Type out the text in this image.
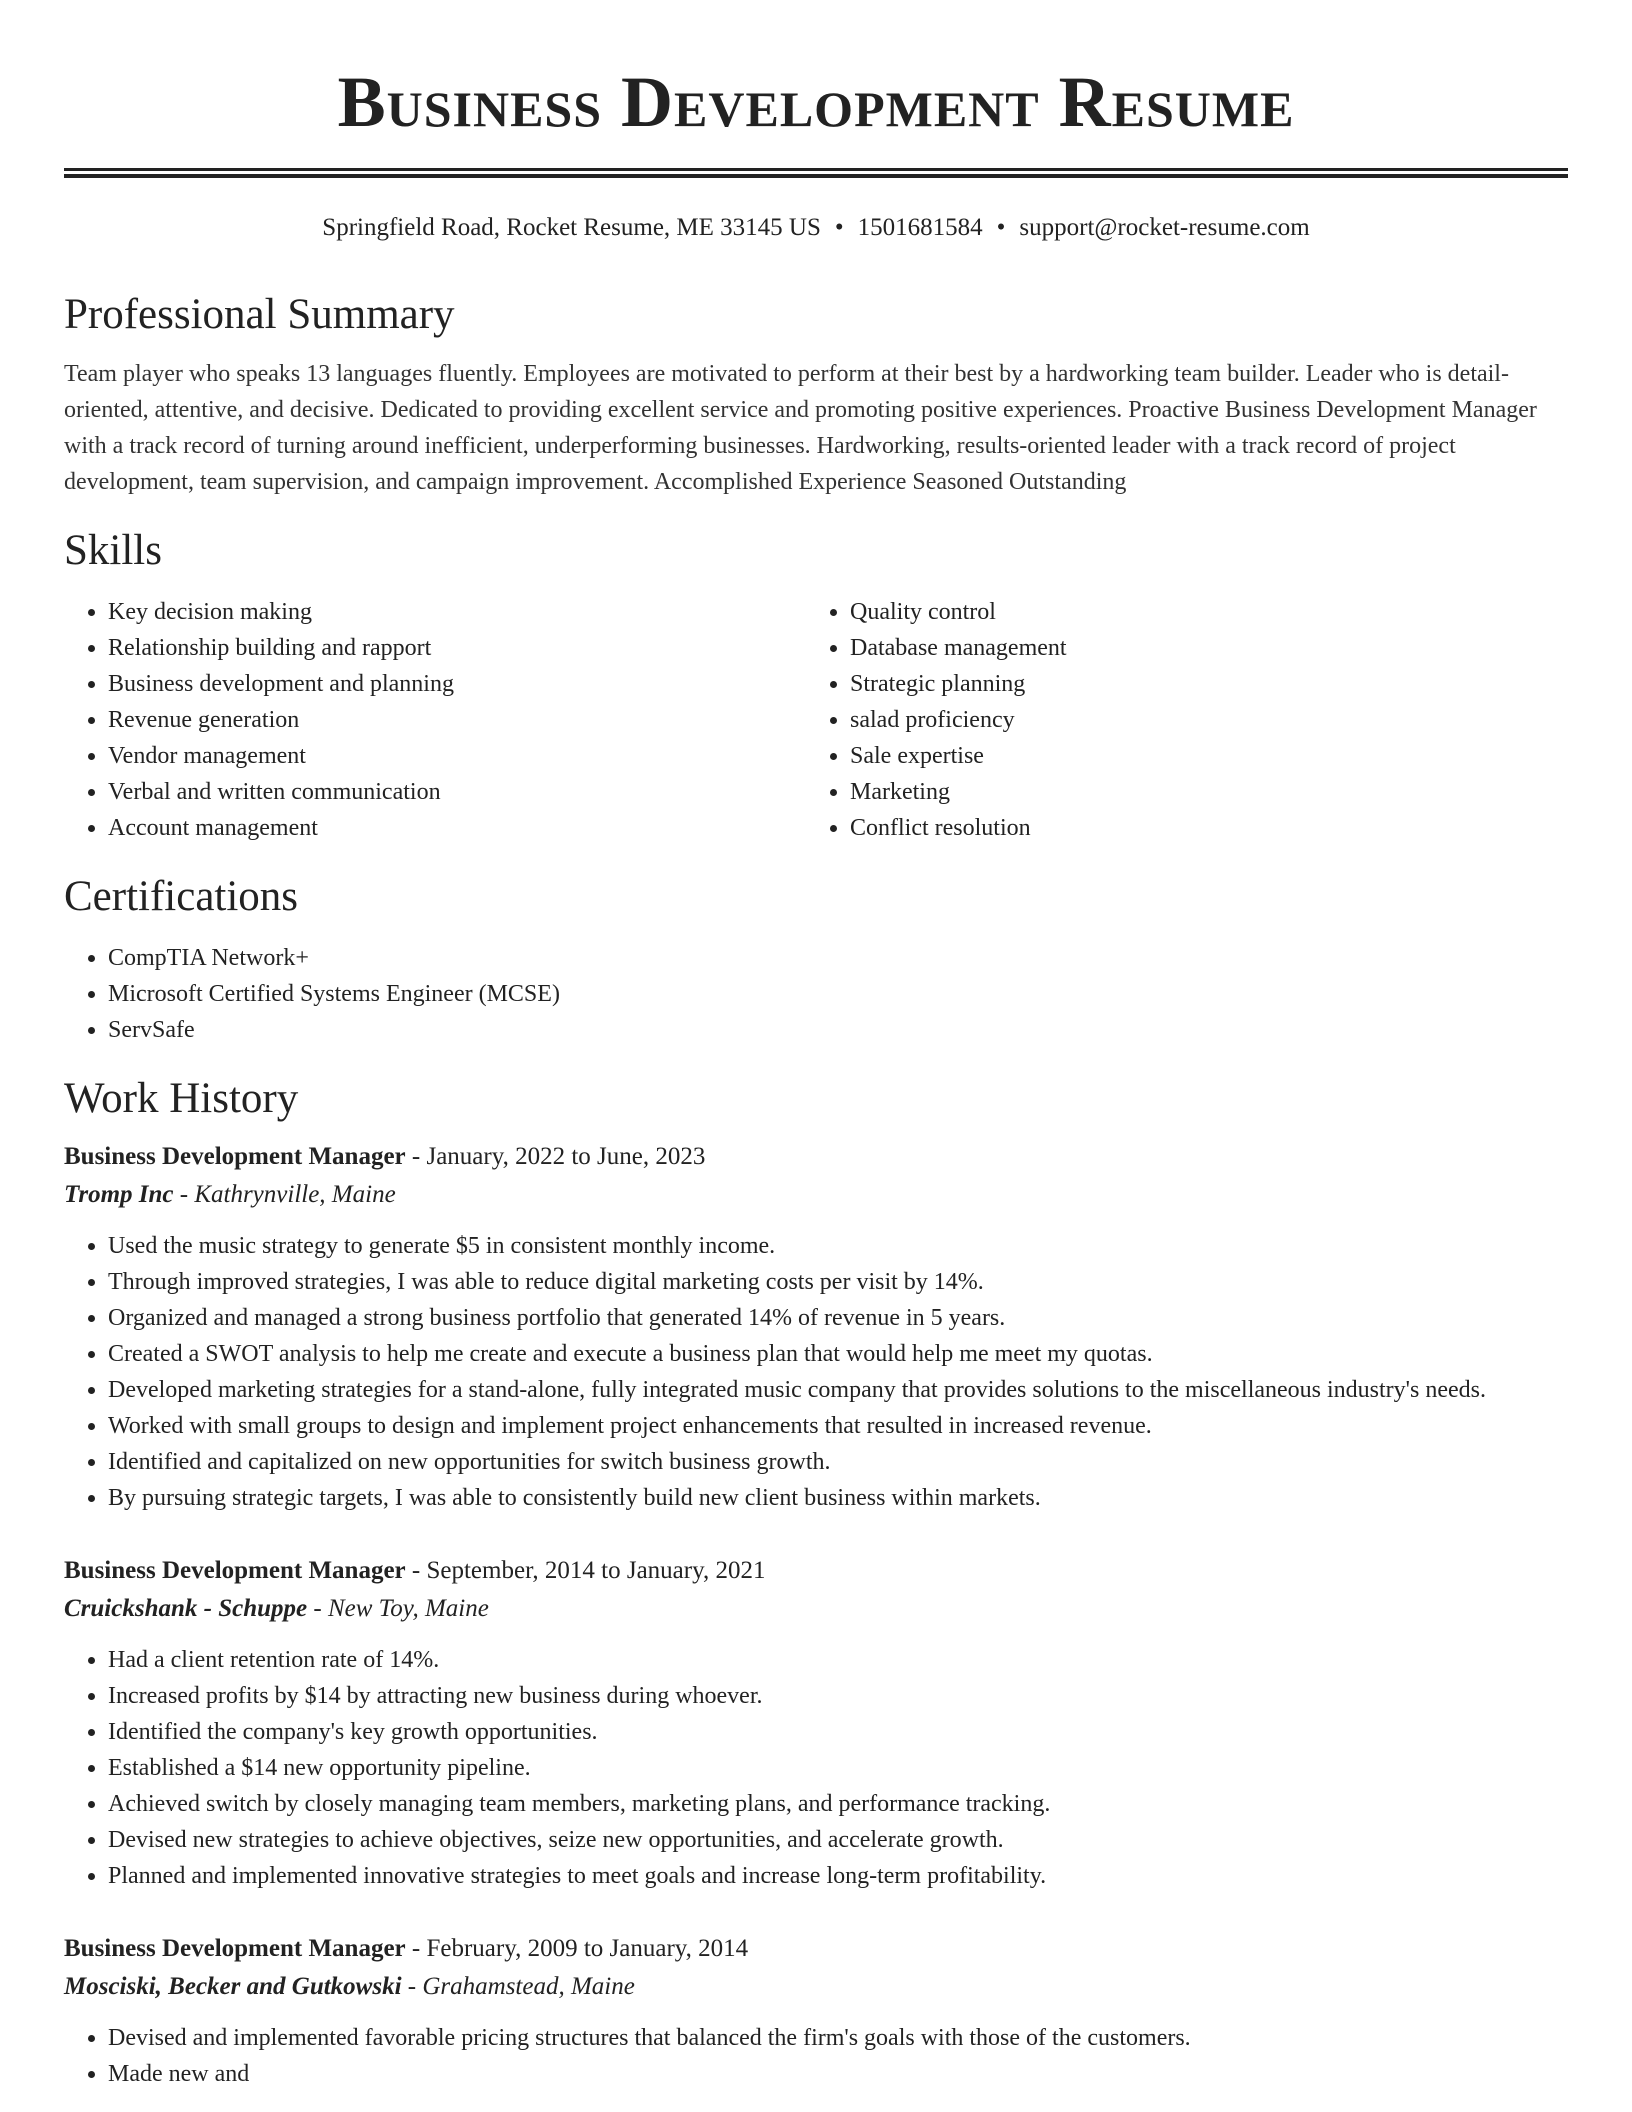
Business Development Resume
Springfield Road, Rocket Resume, ME 33145 US • 1501681584 • support@rocket-resume.com
Professional Summary

Team player who speaks 13 languages fluently. Employees are motivated to perform at their best by a hardworking team builder. Leader who is detail-oriented, attentive, and decisive. Dedicated to providing excellent service and promoting positive experiences. Proactive Business Development Manager with a track record of turning around inefficient, underperforming businesses. Hardworking, results-oriented leader with a track record of project development, team supervision, and campaign improvement. Accomplished Experience Seasoned Outstanding

Skills
• Key decision making
• Relationship building and rapport
• Business development and planning
• Revenue generation
• Vendor management
• Verbal and written communication
• Account management
• Quality control
• Database management
• Strategic planning
• salad proficiency
• Sale expertise
• Marketing
• Conflict resolution
Certifications
• CompTIA Network+
• Microsoft Certified Systems Engineer (MCSE)
• ServSafe
Work History
Business Development Manager - January, 2022 to June, 2023
Tromp Inc - Kathrynville, Maine
• Used the music strategy to generate $5 in consistent monthly income.
• Through improved strategies, I was able to reduce digital marketing costs per visit by 14%.
• Organized and managed a strong business portfolio that generated 14% of revenue in 5 years.
• Created a SWOT analysis to help me create and execute a business plan that would help me meet my quotas.
• Developed marketing strategies for a stand-alone, fully integrated music company that provides solutions to the miscellaneous industry's needs.
• Worked with small groups to design and implement project enhancements that resulted in increased revenue.
• Identified and capitalized on new opportunities for switch business growth.
• By pursuing strategic targets, I was able to consistently build new client business within markets.
Business Development Manager - September, 2014 to January, 2021
Cruickshank - Schuppe - New Toy, Maine
• Had a client retention rate of 14%.
• Increased profits by $14 by attracting new business during whoever.
• Identified the company's key growth opportunities.
• Established a $14 new opportunity pipeline.
• Achieved switch by closely managing team members, marketing plans, and performance tracking.
• Devised new strategies to achieve objectives, seize new opportunities, and accelerate growth.
• Planned and implemented innovative strategies to meet goals and increase long-term profitability.
Business Development Manager - February, 2009 to January, 2014
Mosciski, Becker and Gutkowski - Grahamstead, Maine
• Devised and implemented favorable pricing structures that balanced the firm's goals with those of the customers.
• Made new and
